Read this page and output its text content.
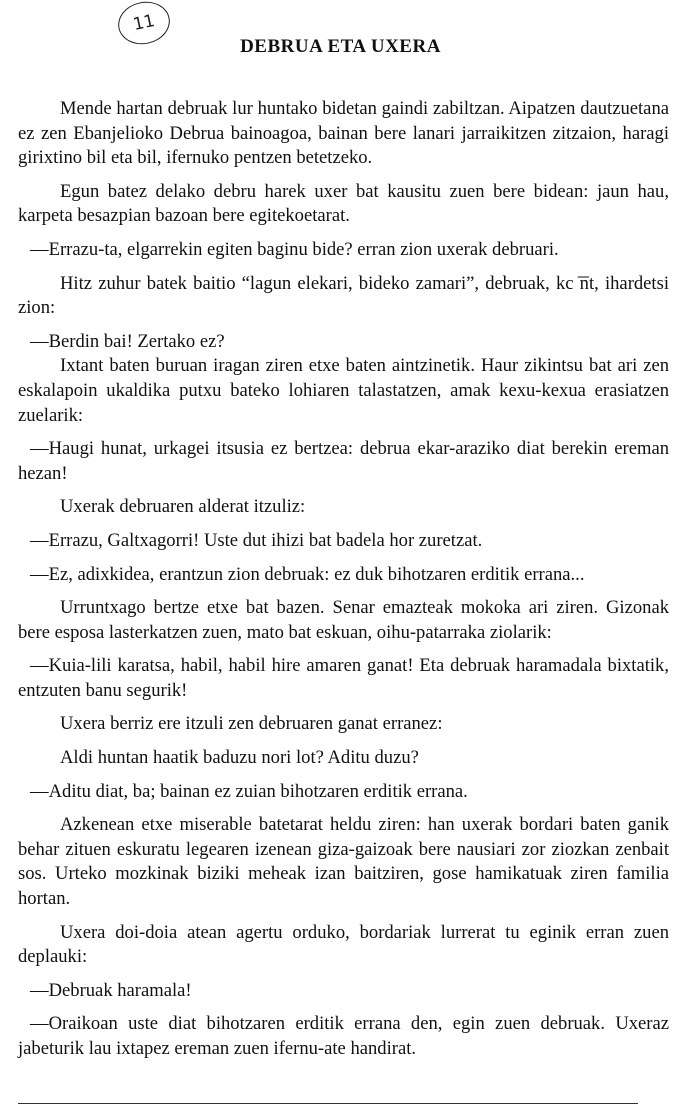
11
DEBRUA ETA UXERA

Mende hartan debruak lur huntako bidetan gaindi zabiltzan. Aipatzen dautzuetana ez zen Ebanjelioko Debrua bainoagoa, bainan bere lanari jarraikitzen zitzaion, haragi girixtino bil eta bil, ifernuko pentzen betetzeko.

Egun batez delako debru harek uxer bat kausitu zuen bere bidean: jaun hau, karpeta besazpian bazoan bere egitekoetarat.

—Errazu-ta, elgarrekin egiten baginu bide? erran zion uxerak debruari.

Hitz zuhur batek baitio “lagun elekari, bideko zamari”, debruak, kc ͞nt, ihardetsi zion:

—Berdin bai! Zertako ez?

Ixtant baten buruan iragan ziren etxe baten aintzinetik. Haur zikintsu bat ari zen eskalapoin ukaldika putxu bateko lohiaren talastatzen, amak kexu-kexua erasiatzen zuelarik:

—Haugi hunat, urkagei itsusia ez bertzea: debrua ekar-araziko diat berekin ereman hezan!

Uxerak debruaren alderat itzuliz:

—Errazu, Galtxagorri! Uste dut ihizi bat badela hor zuretzat.

—Ez, adixkidea, erantzun zion debruak: ez duk bihotzaren erditik errana...

Urruntxago bertze etxe bat bazen. Senar emazteak mokoka ari ziren. Gizonak bere esposa lasterkatzen zuen, mato bat eskuan, oihu-patarraka ziolarik:

—Kuia-lili karatsa, habil, habil hire amaren ganat! Eta debruak haramadala bixtatik, entzuten banu segurik!

Uxera berriz ere itzuli zen debruaren ganat erranez:

Aldi huntan haatik baduzu nori lot? Aditu duzu?

—Aditu diat, ba; bainan ez zuian bihotzaren erditik errana.

Azkenean etxe miserable batetarat heldu ziren: han uxerak bordari baten ganik behar zituen eskuratu legearen izenean giza-gaizoak bere nausiari zor ziozkan zenbait sos. Urteko mozkinak biziki meheak izan baitziren, gose hamikatuak ziren familia hortan.

Uxera doi-doia atean agertu orduko, bordariak lurrerat tu eginik erran zuen deplauki:

—Debruak haramala!

—Oraikoan uste diat bihotzaren erditik errana den, egin zuen debruak. Uxeraz jabeturik lau ixtapez ereman zuen ifernu-ate handirat.
